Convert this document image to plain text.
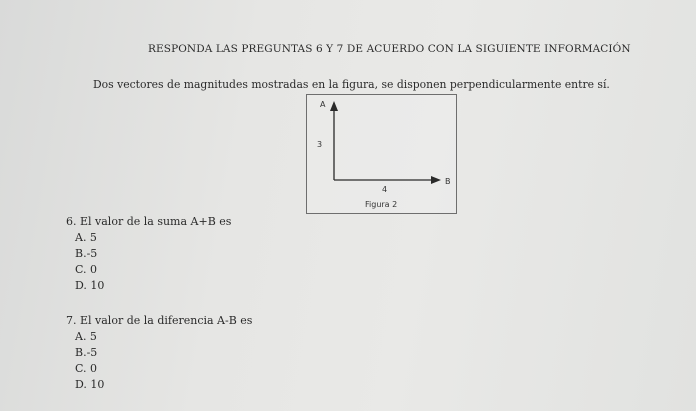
RESPONDA LAS PREGUNTAS 6 Y 7 DE ACUERDO CON LA SIGUIENTE INFORMACIÓN
Dos vectores de magnitudes mostradas en la figura, se disponen perpendicularmente entre sí.
A
3
B
4
Figura 2
6. El valor de la suma A+B es
A. 5
B.-5
C. 0
D. 10
7. El valor de la diferencia A-B es
A. 5
B.-5
C. 0
D. 10
